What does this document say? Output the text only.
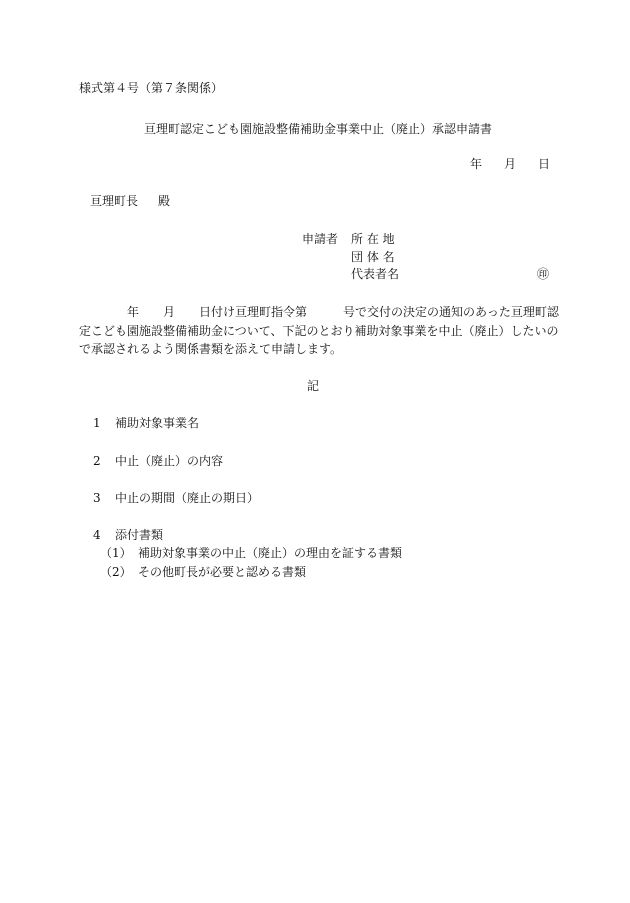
様式第４号（第７条関係）
亘理町認定こども園施設整備補助金事業中止（廃止）承認申請書
年 月 日
亘理町長 殿
申請者 所 在 地
団 体 名
代表者名	㊞
　　　　年　　月　　日付け亘理町指令第　　　号で交付の決定の通知のあった亘理町認
定こども園施設整備補助金について、下記のとおり補助対象事業を中止（廃止）したいの
で承認されるよう関係書類を添えて申請します。
記
1 補助対象事業名
2 中止（廃止）の内容
3 中止の期間（廃止の期日）
4 添付書類
（1） 補助対象事業の中止（廃止）の理由を証する書類
（2） その他町長が必要と認める書類
